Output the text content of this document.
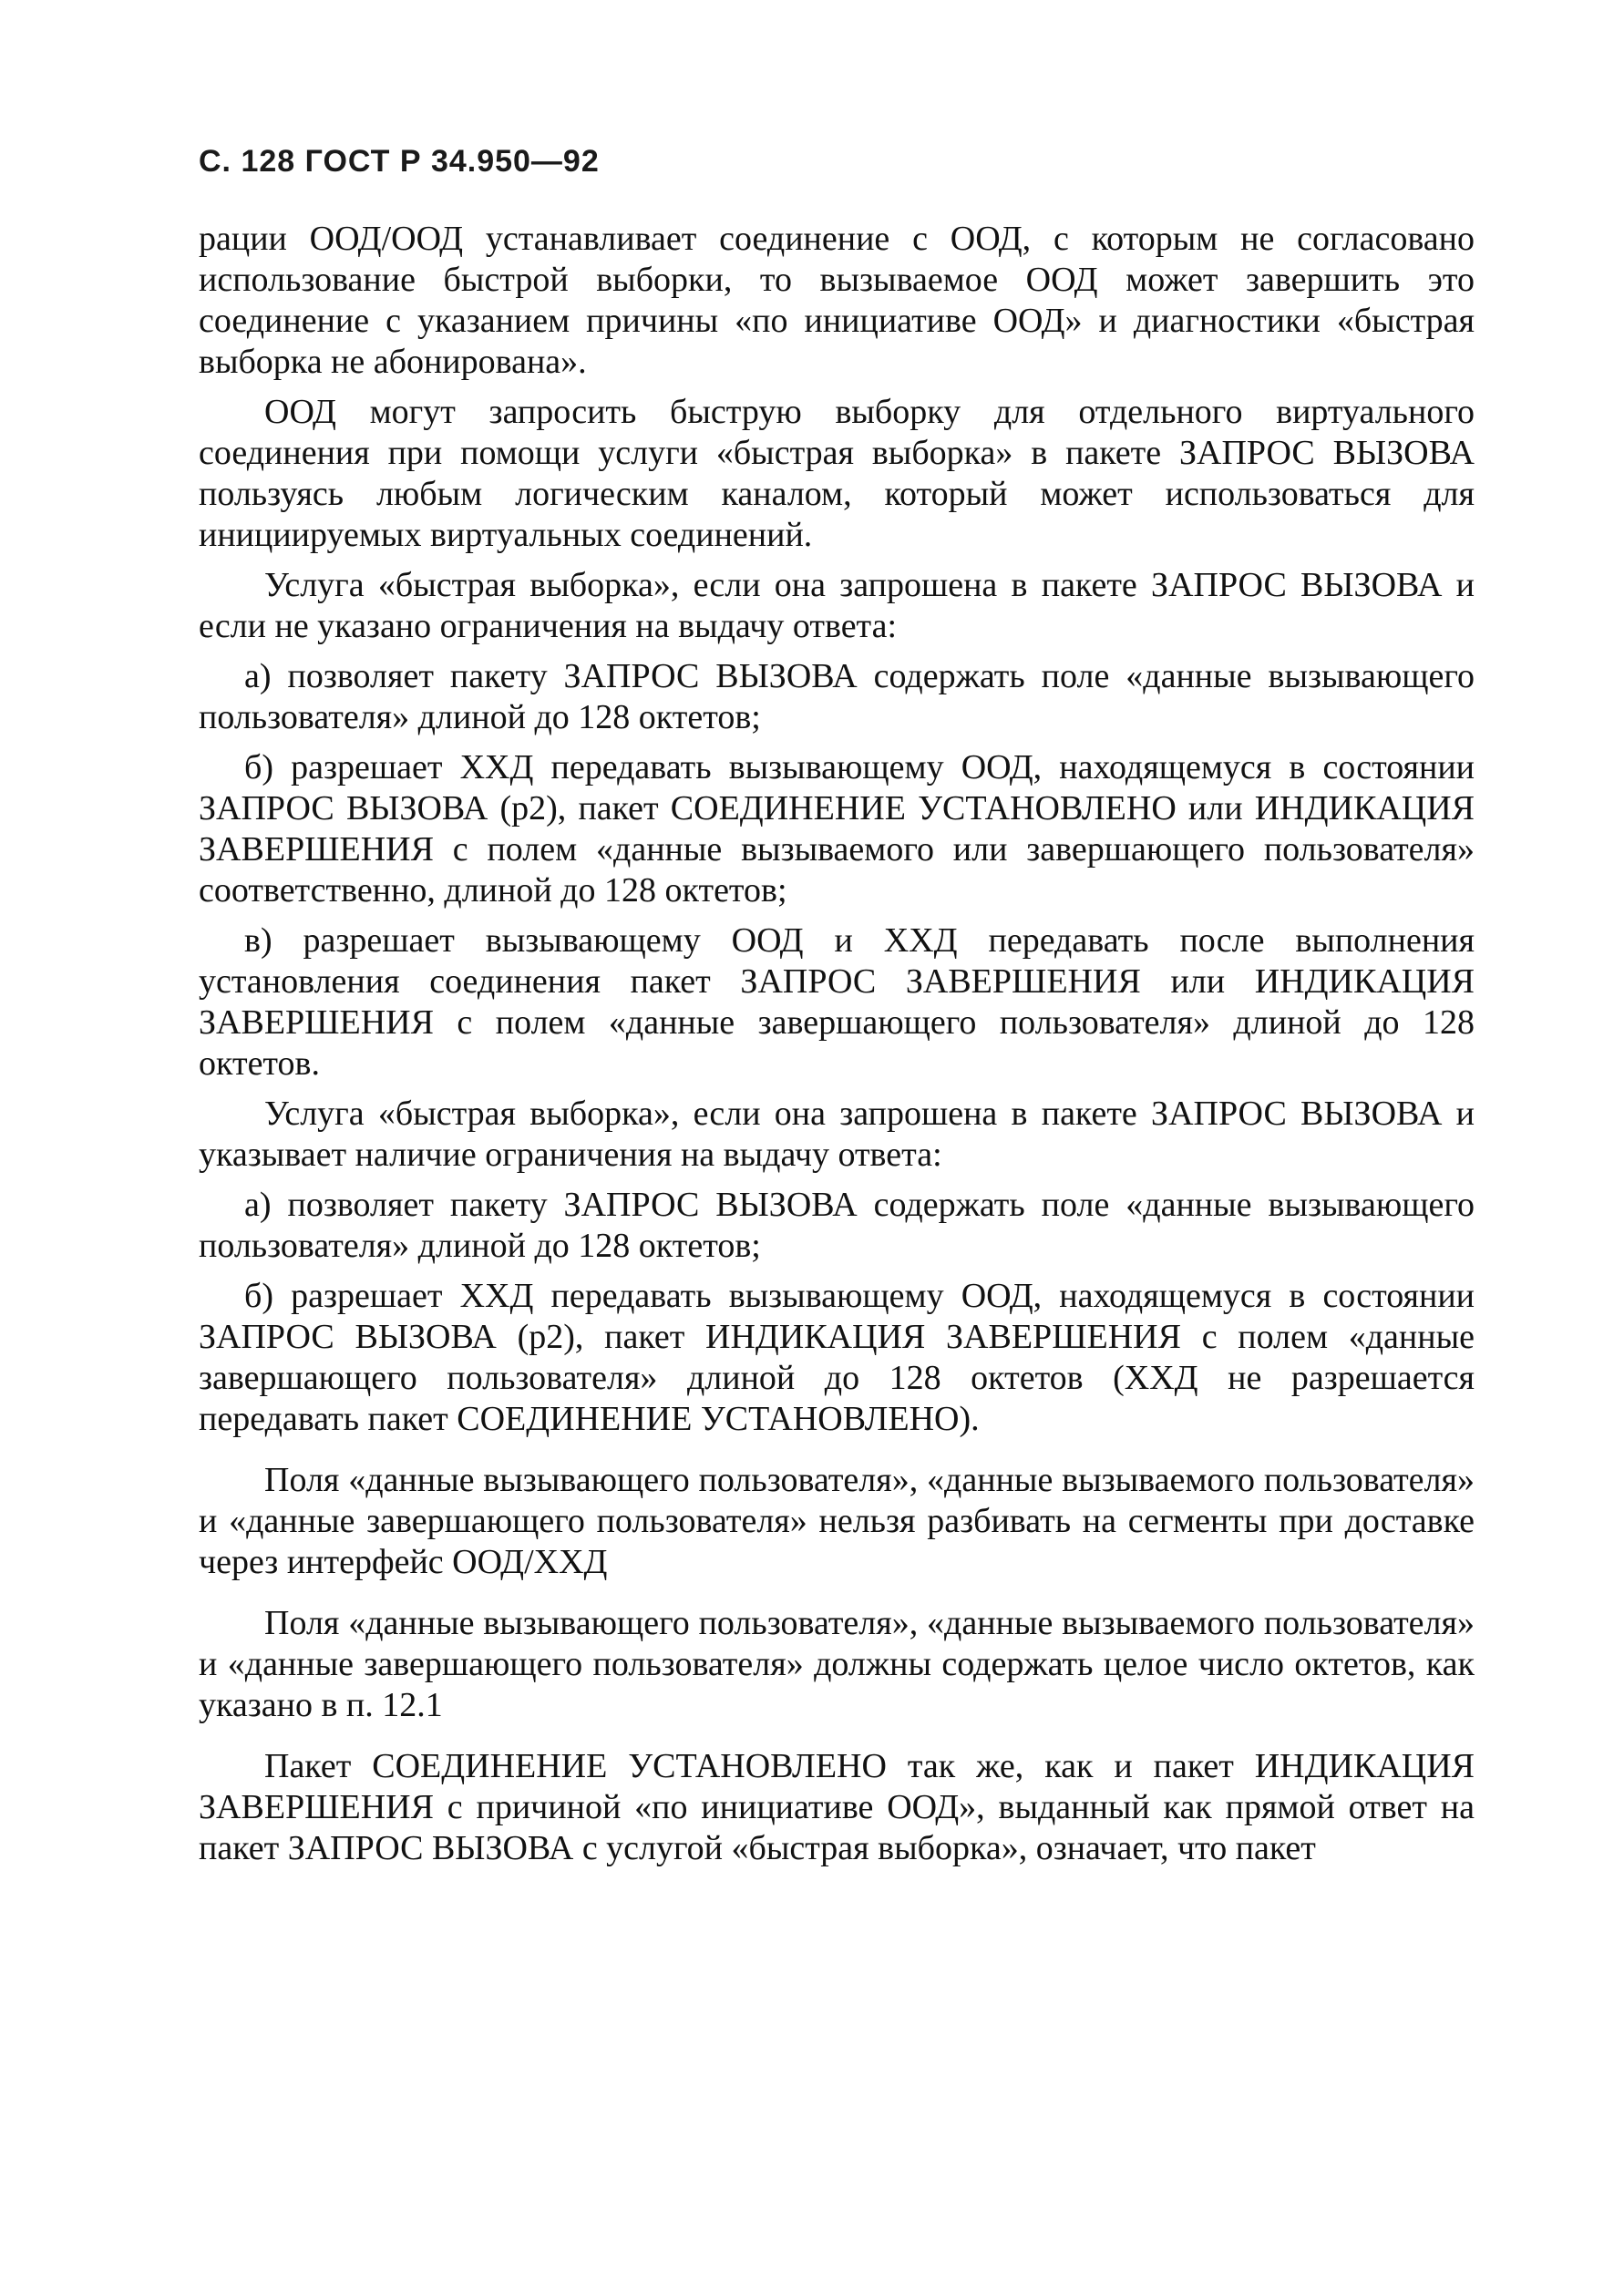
С. 128 ГОСТ Р 34.950—92

рации ООД/ООД устанавливает соединение с ООД, с которым не согласовано использование быстрой выборки, то вызываемое ООД может завершить это соединение с указанием причины «по инициативе ООД» и диагностики «быстрая выборка не абонирована».

ООД могут запросить быструю выборку для отдельного виртуального соединения при помощи услуги «быстрая выборка» в пакете ЗАПРОС ВЫЗОВА пользуясь любым логическим каналом, который может использоваться для инициируемых виртуальных соединений.

Услуга «быстрая выборка», если она запрошена в пакете ЗАПРОС ВЫЗОВА и если не указано ограничения на выдачу ответа:

а) позволяет пакету ЗАПРОС ВЫЗОВА содержать поле «данные вызывающего пользователя» длиной до 128 октетов;

б) разрешает ХХД передавать вызывающему ООД, находящемуся в состоянии ЗАПРОС ВЫЗОВА (р2), пакет СОЕДИНЕНИЕ УСТАНОВЛЕНО или ИНДИКАЦИЯ ЗАВЕРШЕНИЯ с полем «данные вызываемого или завершающего пользователя» соответственно, длиной до 128 октетов;

в) разрешает вызывающему ООД и ХХД передавать после выполнения установления соединения пакет ЗАПРОС ЗАВЕРШЕНИЯ или ИНДИКАЦИЯ ЗАВЕРШЕНИЯ с полем «данные завершающего пользователя» длиной до 128 октетов.

Услуга «быстрая выборка», если она запрошена в пакете ЗАПРОС ВЫЗОВА и указывает наличие ограничения на выдачу ответа:

а) позволяет пакету ЗАПРОС ВЫЗОВА содержать поле «данные вызывающего пользователя» длиной до 128 октетов;

б) разрешает ХХД передавать вызывающему ООД, находящемуся в состоянии ЗАПРОС ВЫЗОВА (р2), пакет ИНДИКАЦИЯ ЗАВЕРШЕНИЯ с полем «данные завершающего пользователя» длиной до 128 октетов (ХХД не разрешается передавать пакет СОЕДИНЕНИЕ УСТАНОВЛЕНО).

Поля «данные вызывающего пользователя», «данные вызываемого пользователя» и «данные завершающего пользователя» нельзя разбивать на сегменты при доставке через интерфейс ООД/ХХД

Поля «данные вызывающего пользователя», «данные вызываемого пользователя» и «данные завершающего пользователя» должны содержать целое число октетов, как указано в п. 12.1

Пакет СОЕДИНЕНИЕ УСТАНОВЛЕНО так же, как и пакет ИНДИКАЦИЯ ЗАВЕРШЕНИЯ с причиной «по инициативе ООД», выданный как прямой ответ на пакет ЗАПРОС ВЫЗОВА с услугой «быстрая выборка», означает, что пакет
